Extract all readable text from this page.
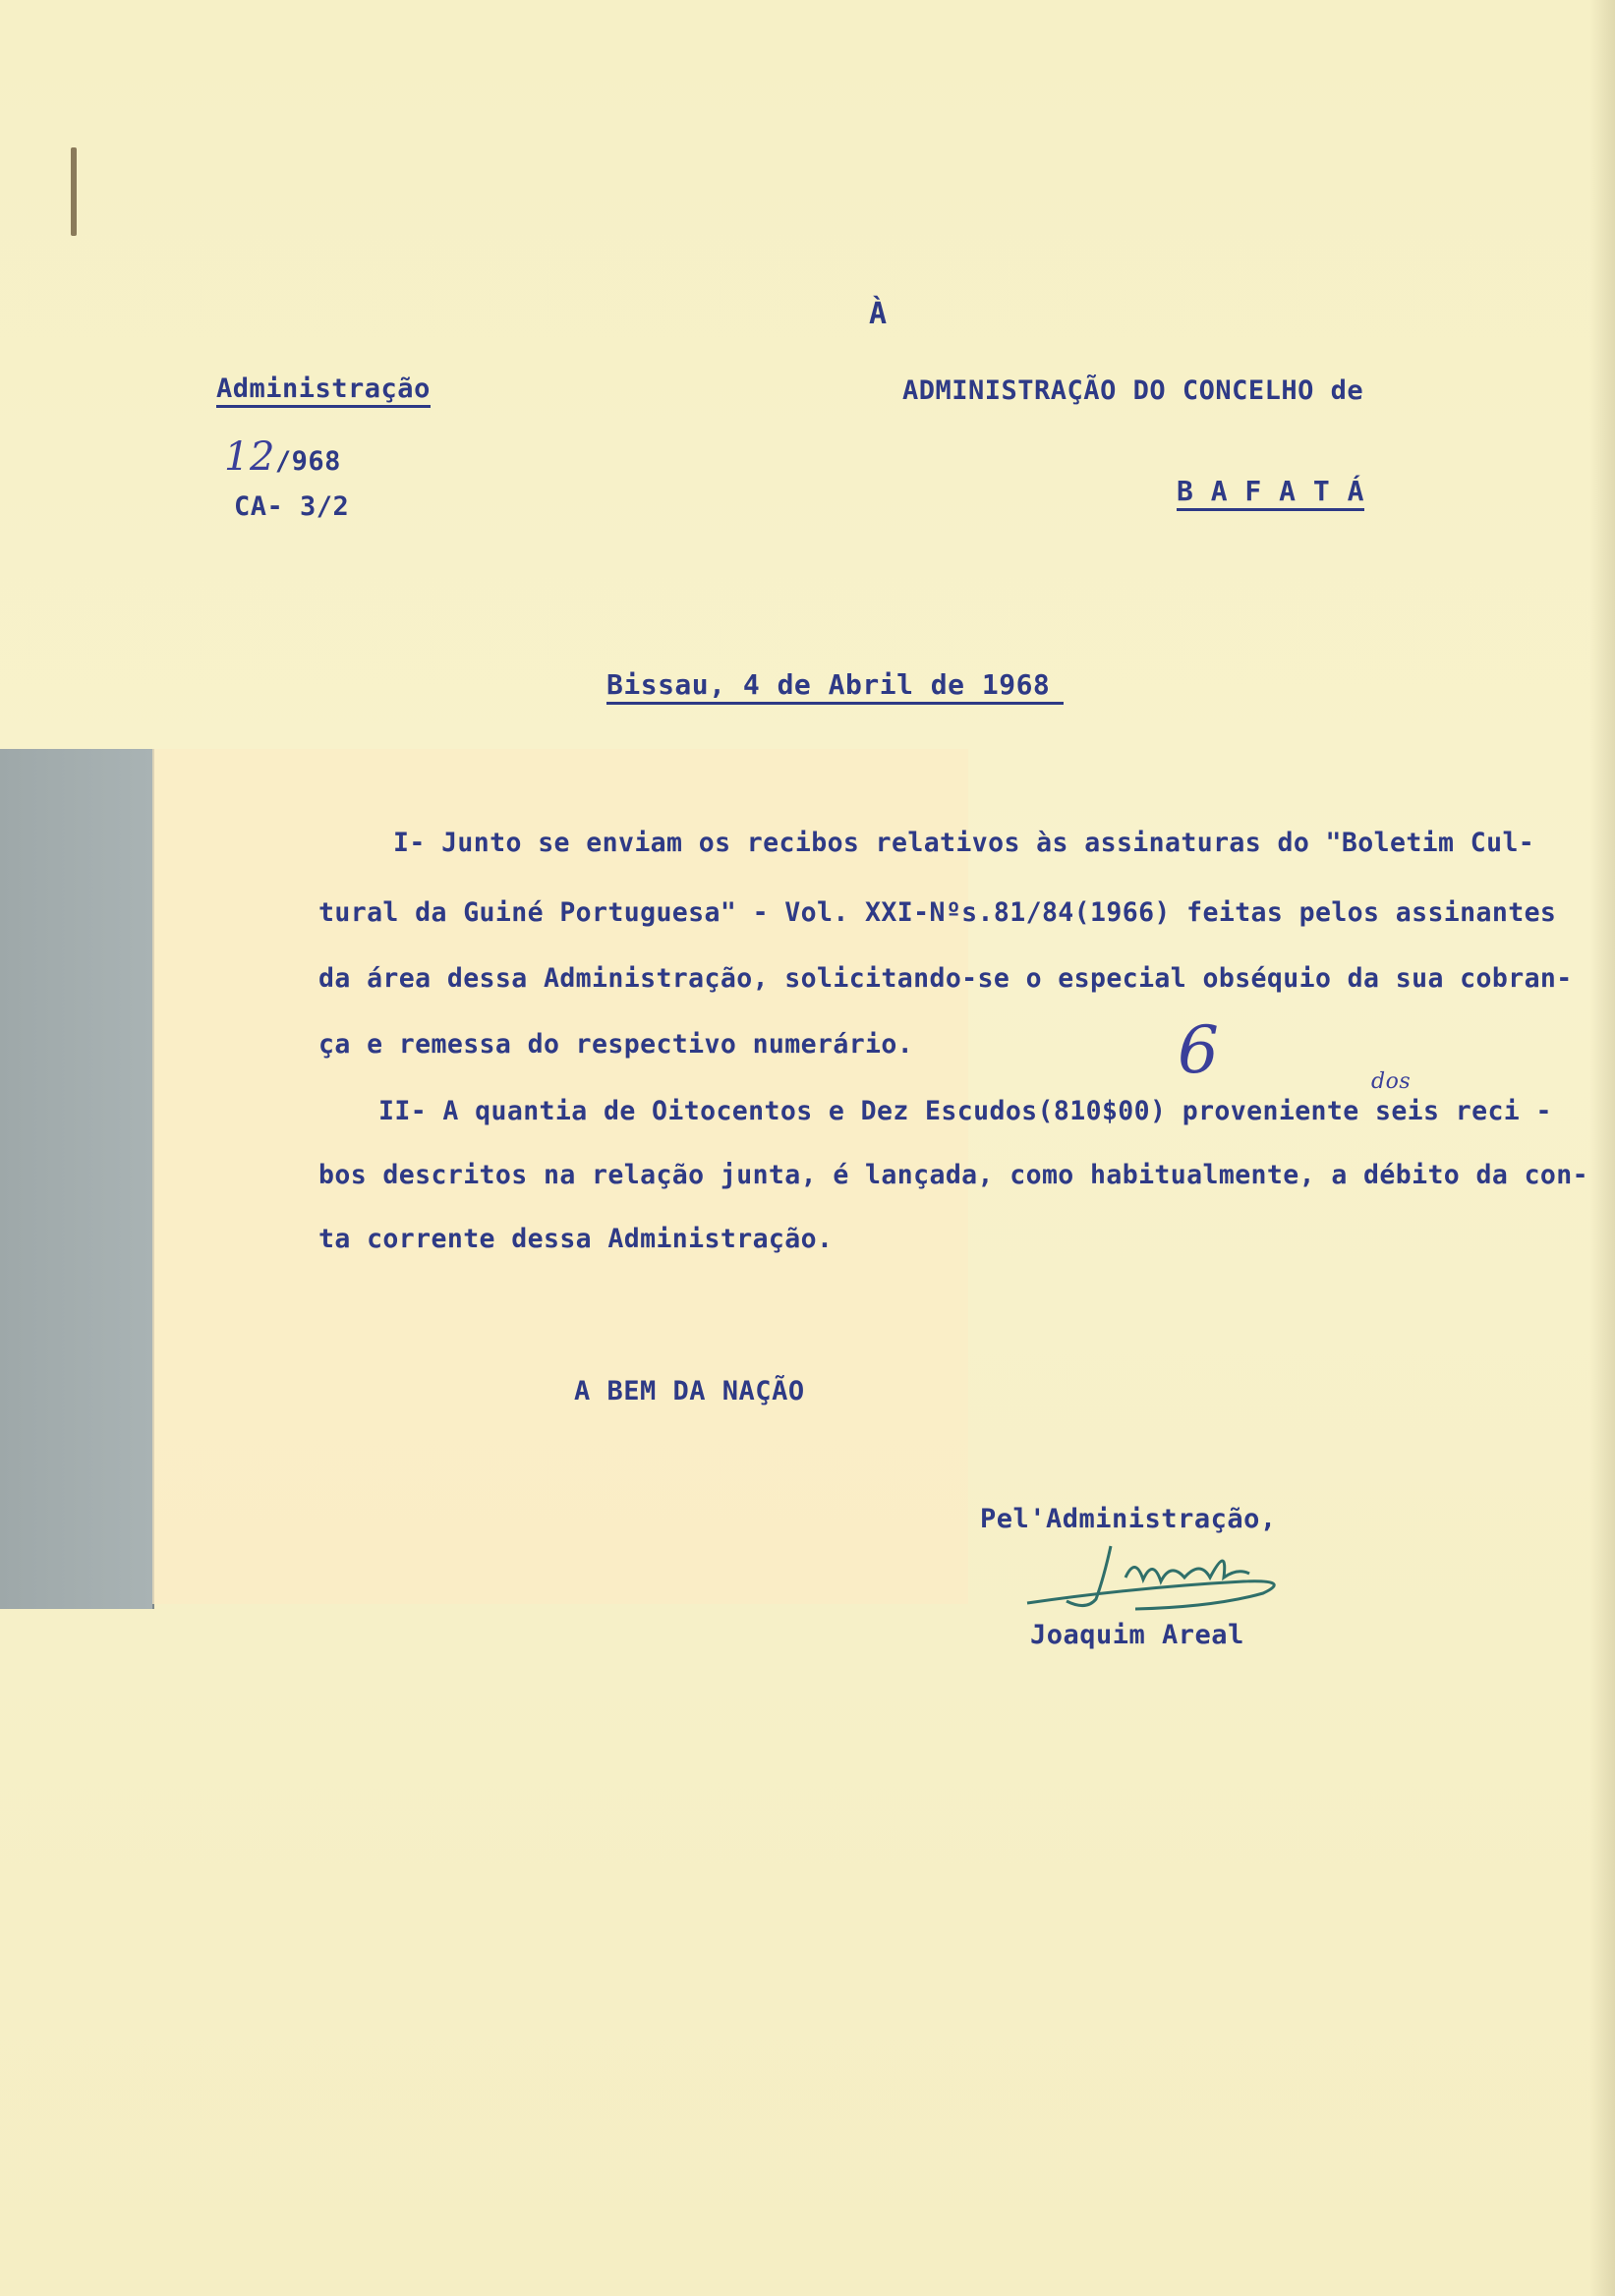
À
Administração
12/968
CA- 3/2
ADMINISTRAÇÃO DO CONCELHO de
B A F A T Á
Bissau, 4 de Abril de 1968
I- Junto se enviam os recibos relativos às assinaturas do "Boletim Cul-
tural da Guiné Portuguesa" - Vol. XXI-Nºs.81/84(1966) feitas pelos assinantes
da área dessa Administração, solicitando-se o especial obséquio da sua cobran-
ça e remessa do respectivo numerário.	6	dos
II- A quantia de Oitocentos e Dez Escudos(810$00) proveniente seis reci -
bos descritos na relação junta, é lançada, como habitualmente, a débito da con-
ta corrente dessa Administração.
A BEM DA NAÇÃO
Pel'Administração,
Joaquim Areal
